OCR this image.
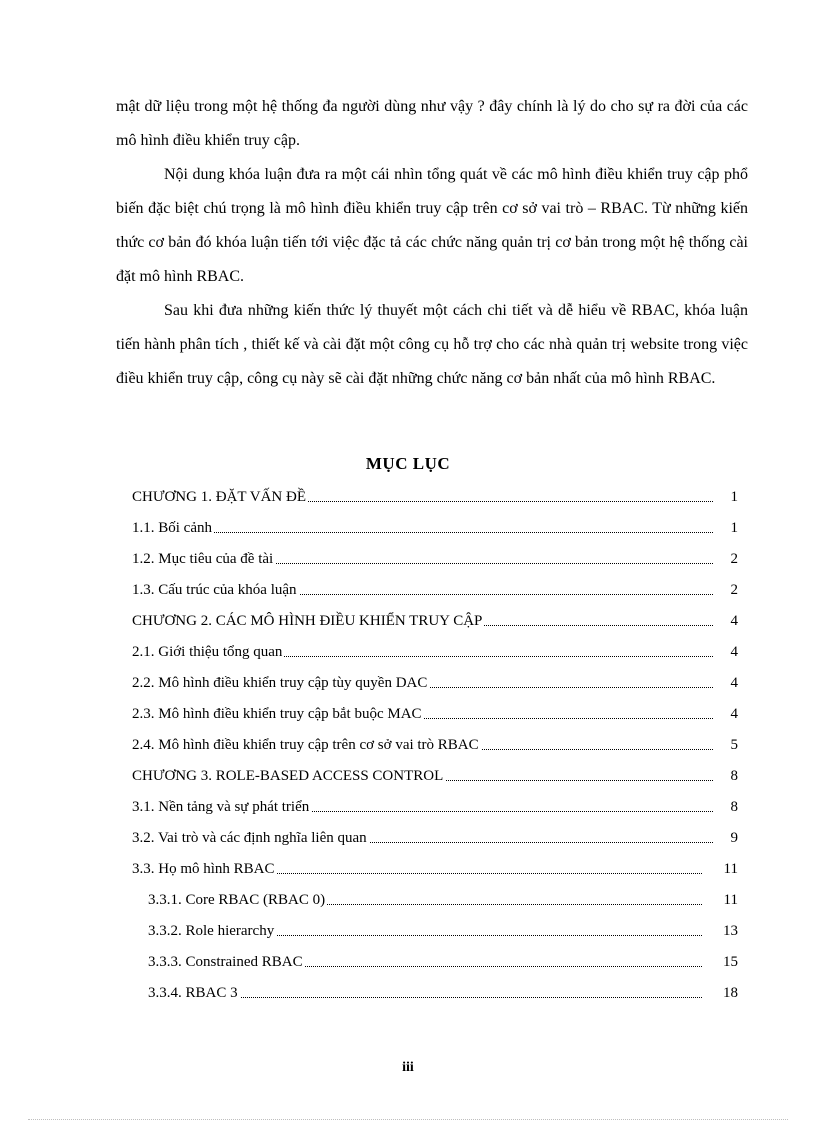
mật dữ liệu trong một hệ thống đa người dùng như vậy ? đây chính là lý do cho sự ra đời của các mô hình điều khiển truy cập.

Nội dung khóa luận đưa ra một cái nhìn tổng quát về các mô hình điều khiển truy cập phổ biến đặc biệt chú trọng là mô hình điều khiển truy cập trên cơ sở vai trò – RBAC. Từ những kiến thức cơ bản đó khóa luận tiến tới việc đặc tả các chức năng quản trị cơ bản trong một hệ thống cài đặt mô hình RBAC.

Sau khi đưa những kiến thức lý thuyết một cách chi tiết và dễ hiểu về RBAC, khóa luận tiến hành phân tích , thiết kế và cài đặt một công cụ hỗ trợ cho các nhà quản trị website trong việc điều khiển truy cập, công cụ này sẽ cài đặt những chức năng cơ bản nhất của mô hình RBAC.

MỤC LỤC
CHƯƠNG 1. ĐẶT VẤN ĐỀ	1
1.1. Bối cảnh	1
1.2. Mục tiêu của đề tài	2
1.3. Cấu trúc của khóa luận	2
CHƯƠNG 2. CÁC MÔ HÌNH ĐIỀU KHIỂN TRUY CẬP	4
2.1. Giới thiệu tổng quan	4
2.2. Mô hình điều khiển truy cập tùy quyền DAC	4
2.3. Mô hình điều khiển truy cập bắt buộc MAC	4
2.4. Mô hình điều khiển truy cập trên cơ sở vai trò RBAC	5
CHƯƠNG 3. ROLE-BASED ACCESS CONTROL	8
3.1. Nền tảng và sự phát triển	8
3.2. Vai trò và các định nghĩa liên quan	9
3.3. Họ mô hình RBAC	11
3.3.1. Core RBAC (RBAC 0)	11
3.3.2. Role hierarchy	13
3.3.3. Constrained RBAC	15
3.3.4. RBAC 3	18
iii
